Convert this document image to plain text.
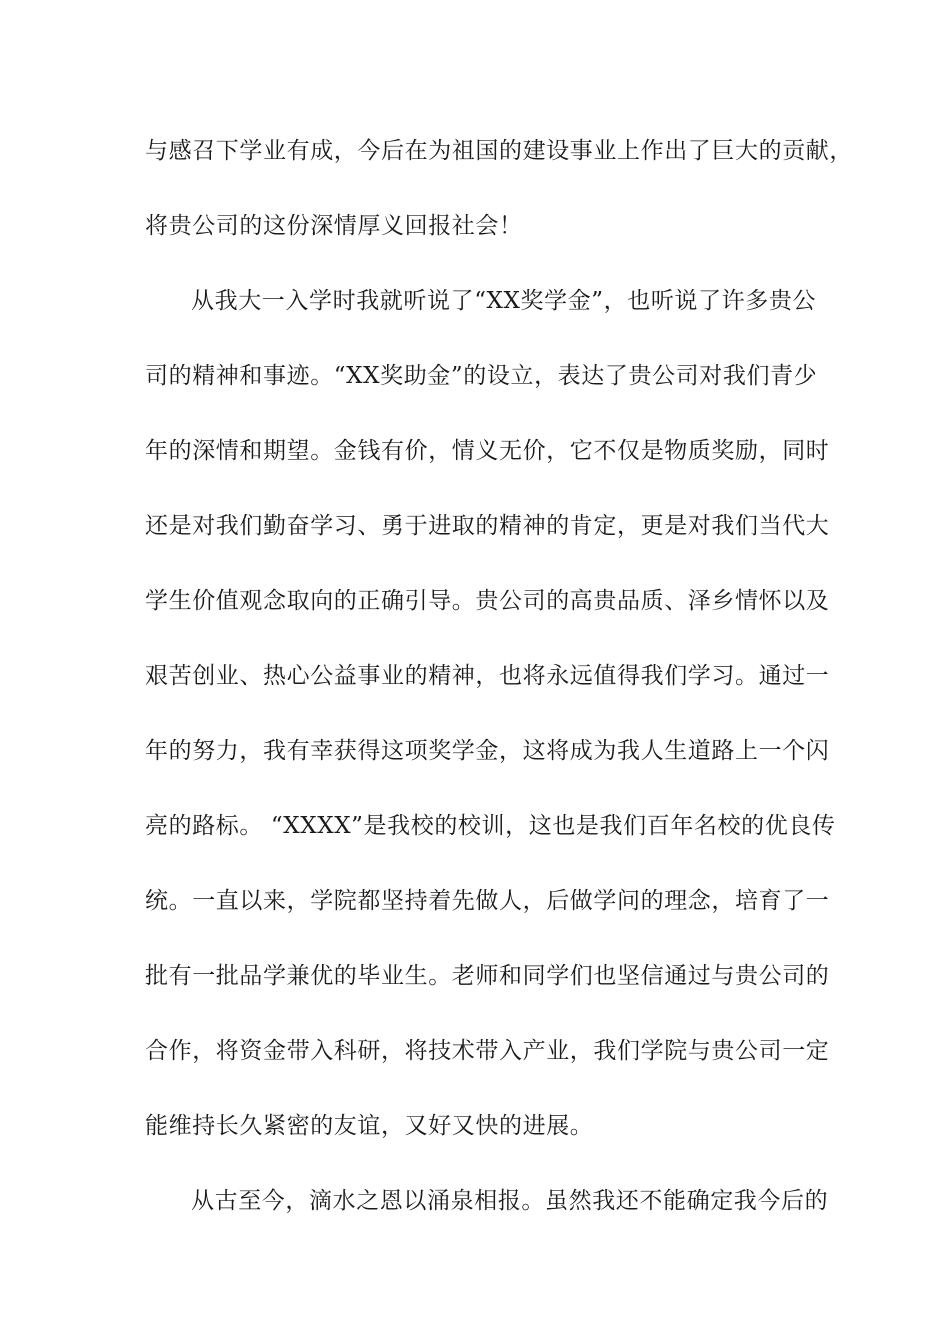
与感召下学业有成，今后在为祖国的建设事业上作出了巨大的贡献，

将贵公司的这份深情厚义回报社会！

从我大一入学时我就听说了“XX奖学金”，也听说了许多贵公

司的精神和事迹。“XX奖助金”的设立，表达了贵公司对我们青少

年的深情和期望。金钱有价，情义无价，它不仅是物质奖励，同时

还是对我们勤奋学习、勇于进取的精神的肯定，更是对我们当代大

学生价值观念取向的正确引导。贵公司的高贵品质、泽乡情怀以及

艰苦创业、热心公益事业的精神，也将永远值得我们学习。通过一

年的努力，我有幸获得这项奖学金，这将成为我人生道路上一个闪

亮的路标。 “XXXX”是我校的校训，这也是我们百年名校的优良传

统。一直以来，学院都坚持着先做人，后做学问的理念，培育了一

批有一批品学兼优的毕业生。老师和同学们也坚信通过与贵公司的

合作，将资金带入科研，将技术带入产业，我们学院与贵公司一定

能维持长久紧密的友谊，又好又快的进展。

从古至今，滴水之恩以涌泉相报。虽然我还不能确定我今后的
